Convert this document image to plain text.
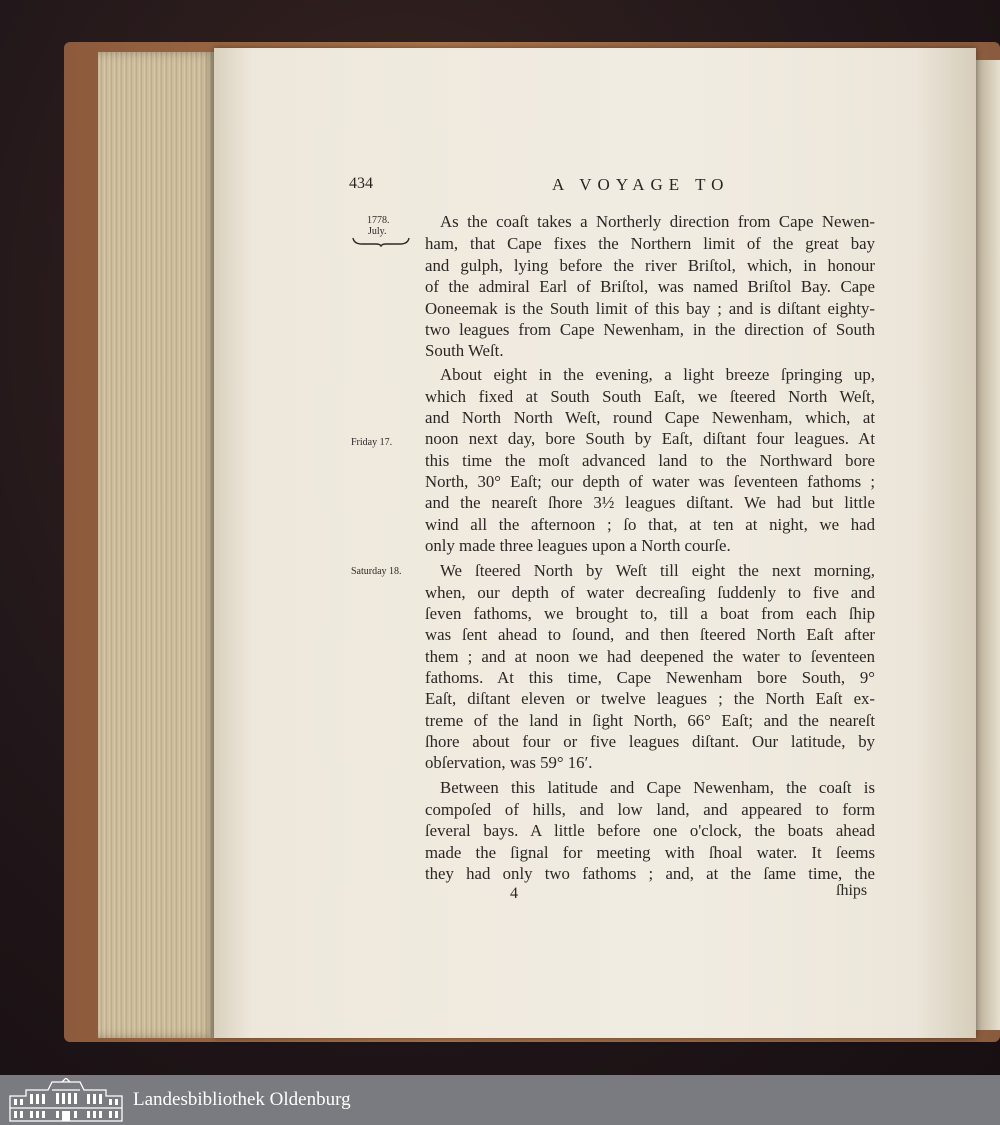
434	A VOYAGE TO
1778.
July.
Friday 17.
Saturday 18.
As the coaſt takes a Northerly direction from Cape Newen-
ham, that Cape fixes the Northern limit of the great bay
and gulph, lying before the river Briſtol, which, in honour
of the admiral Earl of Briſtol, was named Briſtol Bay. Cape
Ooneemak is the South limit of this bay ; and is diſtant eighty-
two leagues from Cape Newenham, in the direction of South
South Weſt.
About eight in the evening, a light breeze ſpringing up,
which fixed at South South Eaſt, we ſteered North Weſt,
and North North Weſt, round Cape Newenham, which, at
noon next day, bore South by Eaſt, diſtant four leagues. At
this time the moſt advanced land to the Northward bore
North, 30° Eaſt; our depth of water was ſeventeen fathoms ;
and the neareſt ſhore 3½ leagues diſtant. We had but little
wind all the afternoon ; ſo that, at ten at night, we had
only made three leagues upon a North courſe.
We ſteered North by Weſt till eight the next morning,
when, our depth of water decreaſing ſuddenly to five and
ſeven fathoms, we brought to, till a boat from each ſhip
was ſent ahead to ſound, and then ſteered North Eaſt after
them ; and at noon we had deepened the water to ſeventeen
fathoms. At this time, Cape Newenham bore South, 9°
Eaſt, diſtant eleven or twelve leagues ; the North Eaſt ex-
treme of the land in ſight North, 66° Eaſt; and the neareſt
ſhore about four or five leagues diſtant. Our latitude, by
obſervation, was 59° 16′.
Between this latitude and Cape Newenham, the coaſt is
compoſed of hills, and low land, and appeared to form
ſeveral bays. A little before one o'clock, the boats ahead
made the ſignal for meeting with ſhoal water. It ſeems
they had only two fathoms ; and, at the ſame time, the
4	ſhips
Landesbibliothek Oldenburg
